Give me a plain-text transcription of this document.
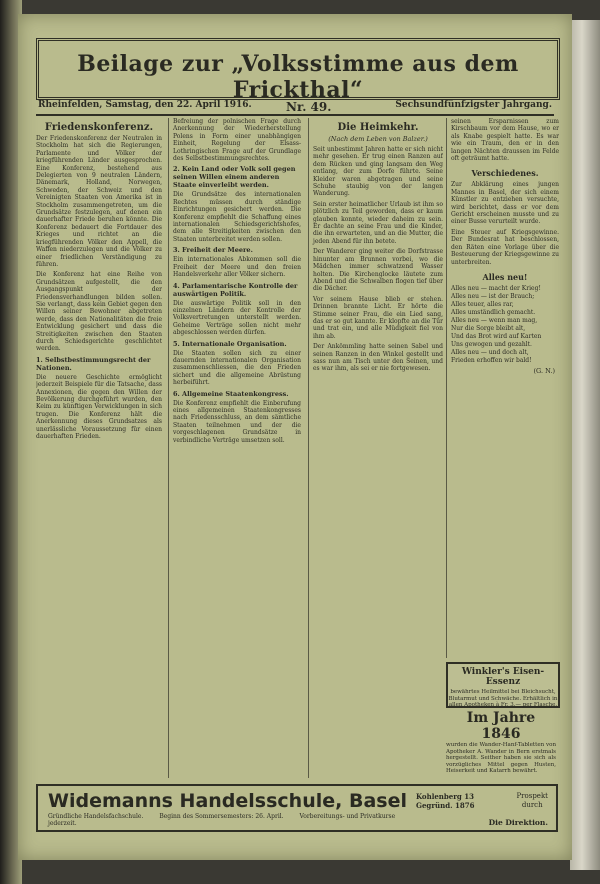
Beilage zur „Volksstimme aus dem Frickthal“
Rheinfelden, Samstag, den 22. April 1916.	Nr. 49.	Sechsundfünfzigster Jahrgang.
Friedenskonferenz.

Der Friedenskonferenz der Neutralen in Stockholm hat sich die Regierungen, Parlamente und Völker der kriegführenden Länder ausgesprochen. Eine Konferenz, bestehend aus Delegierten von 9 neutralen Ländern, Dänemark, Holland, Norwegen, Schweden, der Schweiz und den Vereinigten Staaten von Amerika ist in Stockholm zusammengetreten, um die Grundsätze festzulegen, auf denen ein dauerhafter Friede beruhen könnte. Die Konferenz bedauert die Fortdauer des Krieges und richtet an die kriegführenden Völker den Appell, die Waffen niederzulegen und die Völker zu einer friedlichen Verständigung zu führen.

Die Konferenz hat eine Reihe von Grundsätzen aufgestellt, die den Ausgangspunkt der Friedensverhandlungen bilden sollen. Sie verlangt, dass kein Gebiet gegen den Willen seiner Bewohner abgetreten werde, dass den Nationalitäten die freie Entwicklung gesichert und dass die Streitigkeiten zwischen den Staaten durch Schiedsgerichte geschlichtet werden.

1. Selbstbestimmungsrecht der Nationen.

Die neuere Geschichte ermöglicht jederzeit Beispiele für die Tatsache, dass Annexionen, die gegen den Willen der Bevölkerung durchgeführt wurden, den Keim zu künftigen Verwicklungen in sich trugen. Die Konferenz hält die Anerkennung dieses Grundsatzes als unerlässliche Voraussetzung für einen dauerhaften Frieden.

Befreiung der polnischen Frage durch Anerkennung der Wiederherstellung Polens in Form einer unabhängigen Einheit, Regelung der Elsass-Lothringischen Frage auf der Grundlage des Selbstbestimmungsrechtes.

2. Kein Land oder Volk soll gegen seinen Willen einem anderen Staate einverleibt werden.

Die Grundsätze des internationalen Rechtes müssen durch ständige Einrichtungen gesichert werden. Die Konferenz empfiehlt die Schaffung eines internationalen Schiedsgerichtshofes, dem alle Streitigkeiten zwischen den Staaten unterbreitet werden sollen.

3. Freiheit der Meere.

Ein internationales Abkommen soll die Freiheit der Meere und den freien Handelsverkehr aller Völker sichern.

4. Parlamentarische Kontrolle der auswärtigen Politik.

Die auswärtige Politik soll in den einzelnen Ländern der Kontrolle der Volksvertretungen unterstellt werden. Geheime Verträge sollen nicht mehr abgeschlossen werden dürfen.

5. Internationale Organisation.

Die Staaten sollen sich zu einer dauernden internationalen Organisation zusammenschliessen, die den Frieden sichert und die allgemeine Abrüstung herbeiführt.

6. Allgemeine Staatenkongress.

Die Konferenz empfiehlt die Einberufung eines allgemeinen Staatenkongresses nach Friedensschluss, an dem sämtliche Staaten teilnehmen und der die vorgeschlagenen Grundsätze in verbindliche Verträge umsetzen soll.

Die Heimkehr.
(Nach dem Leben von Balzer.)

Seit unbestimmt Jahren hatte er sich nicht mehr gesehen. Er trug einen Ranzen auf dem Rücken und ging langsam den Weg entlang, der zum Dorfe führte. Seine Kleider waren abgetragen und seine Schuhe staubig von der langen Wanderung.

Sein erster heimatlicher Urlaub ist ihm so plötzlich zu Teil geworden, dass er kaum glauben konnte, wieder daheim zu sein. Er dachte an seine Frau und die Kinder, die ihn erwarteten, und an die Mutter, die jeden Abend für ihn betete.

Der Wanderer ging weiter die Dorfstrasse hinunter am Brunnen vorbei, wo die Mädchen immer schwatzend Wasser holten. Die Kirchenglocke läutete zum Abend und die Schwalben flogen tief über die Dächer.

Vor seinem Hause blieb er stehen. Drinnen brannte Licht. Er hörte die Stimme seiner Frau, die ein Lied sang, das er so gut kannte. Er klopfte an die Tür und trat ein, und alle Müdigkeit fiel von ihm ab.

Der Ankömmling hatte seinen Sabel und seinen Ranzen in den Winkel gestellt und sass nun am Tisch unter den Seinen, und es war ihm, als sei er nie fortgewesen.

seinen Ersparnissen zum Kirschbaum vor dem Hause, wo er als Knabe gespielt hatte. Es war wie ein Traum, den er in den langen Nächten draussen im Felde oft geträumt hatte.

Verschiedenes.

Zur Abklärung eines jungen Mannes in Basel, der sich einem Künstler zu entziehen versuchte, wird berichtet, dass er vor dem Gericht erscheinen musste und zu einer Busse verurteilt wurde.

Eine Steuer auf Kriegsgewinne. Der Bundesrat hat beschlossen, den Räten eine Vorlage über die Besteuerung der Kriegsgewinne zu unterbreiten.

Alles neu!

Alles neu — macht der Krieg!

Alles neu — ist der Brauch;

Alles teuer, alles rar,

Alles umständlich gemacht.

Alles neu — wenn man mag,

Nur die Sorge bleibt alt,

Und das Brot wird auf Karten

Uns gewogen und gezahlt.

Alles neu — und doch alt,

Frieden erhoffen wir bald!

(G. N.)
Winkler's Eisen-Essenz
bewährtes Heilmittel bei Bleichsucht, Blutarmut und Schwäche. Erhältlich in allen Apotheken à Fr. 3.— per Flasche.
Im Jahre 1846
wurden die Wander-Hanf-Tabletten von Apotheker A. Wander in Bern erstmals hergestellt. Seither haben sie sich als vorzügliches Mittel gegen Husten, Heiserkeit und Katarrh bewährt.
Widemanns Handelsschule, Basel Kohlenberg 13
Gegründ. 1876
Prospekt
durch
Gründliche Handelsfachschule.	Beginn des Sommersemesters: 26. April.	Vorbereitungs- und Privatkurse jederzeit.	Die Direktion.
